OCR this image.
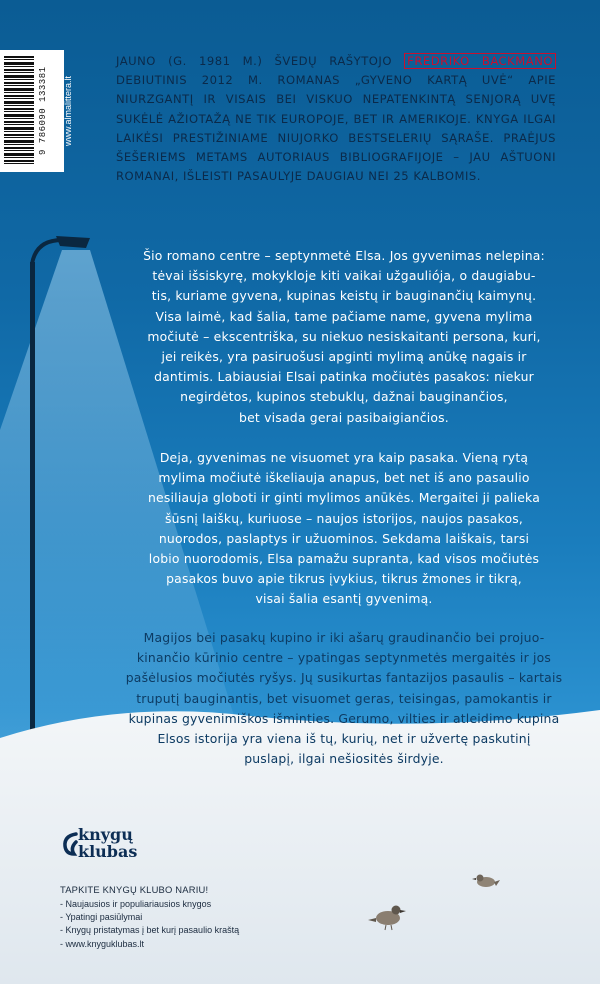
9 786090 133381 www.almalittera.lt
JAUNO (G. 1981 M.) ŠVEDŲ RAŠYTOJO FREDRIKO BACKMANO DEBIUTINIS 2012 M. ROMANAS „GYVENO KARTĄ UVĖ“ APIE NIURZGANTĮ IR VISAIS BEI VISKUO NEPATENKINTĄ SENJORĄ UVĘ SUKĖLĖ AŽIOTAŽĄ NE TIK EUROPOJE, BET IR AMERIKOJE. KNYGA ILGAI LAIKĖSI PRESTIŽINIAME NIUJORKO BESTSELERIŲ SĄRAŠE. PRAĖJUS ŠEŠERIEMS METAMS AUTORIAUS BIBLIOGRAFIJOJE – JAU AŠTUONI ROMANAI, IŠLEISTI PASAULYJE DAUGIAU NEI 25 KALBOMIS.
Šio romano centre – septynmetė Elsa. Jos gyvenimas nelepina:
tėvai išsiskyrę, mokykloje kiti vaikai užgauliója, o daugiabu-
tis, kuriame gyvena, kupinas keistų ir bauginančių kaimynų.
Visa laimė, kad šalia, tame pačiame name, gyvena mylima
močiutė – ekscentriška, su niekuo nesiskaitanti persona, kuri,
jei reikės, yra pasiruošusi apginti mylimą anūkę nagais ir
dantimis. Labiausiai Elsai patinka močiutės pasakos: niekur
negirdėtos, kupinos stebuklų, dažnai bauginančios,
bet visada gerai pasibaigiančios.
Deja, gyvenimas ne visuomet yra kaip pasaka. Vieną rytą
mylima močiutė iškeliauja anapus, bet net iš ano pasaulio
nesiliauja globoti ir ginti mylimos anūkės. Mergaitei ji palieka
šūsnį laiškų, kuriuose – naujos istorijos, naujos pasakos,
nuorodos, paslaptys ir užuominos. Sekdama laiškais, tarsi
lobio nuorodomis, Elsa pamažu supranta, kad visos močiutės
pasakos buvo apie tikrus įvykius, tikrus žmones ir tikrą,
visai šalia esantį gyvenimą.
Magijos bei pasakų kupino ir iki ašarų graudinančio bei projuo-
kinančio kūrinio centre – ypatingas septynmetės mergaitės ir jos
pašėlusios močiutės ryšys. Jų susikurtas fantazijos pasaulis – kartais
truputį bauginantis, bet visuomet geras, teisingas, pamokantis ir
kupinas gyvenimiškos išminties. Gerumo, vilties ir atleidimo kupina
Elsos istorija yra viena iš tų, kurių, net ir užvertę paskutinį
puslapį, ilgai nešiositės širdyje.
knygų
klubas
TAPKITE KNYGŲ KLUBO NARIU!
- Naujausios ir populiariausios knygos
- Ypatingi pasiūlymai
- Knygų pristatymas į bet kurį pasaulio kraštą
- www.knyguklubas.lt
